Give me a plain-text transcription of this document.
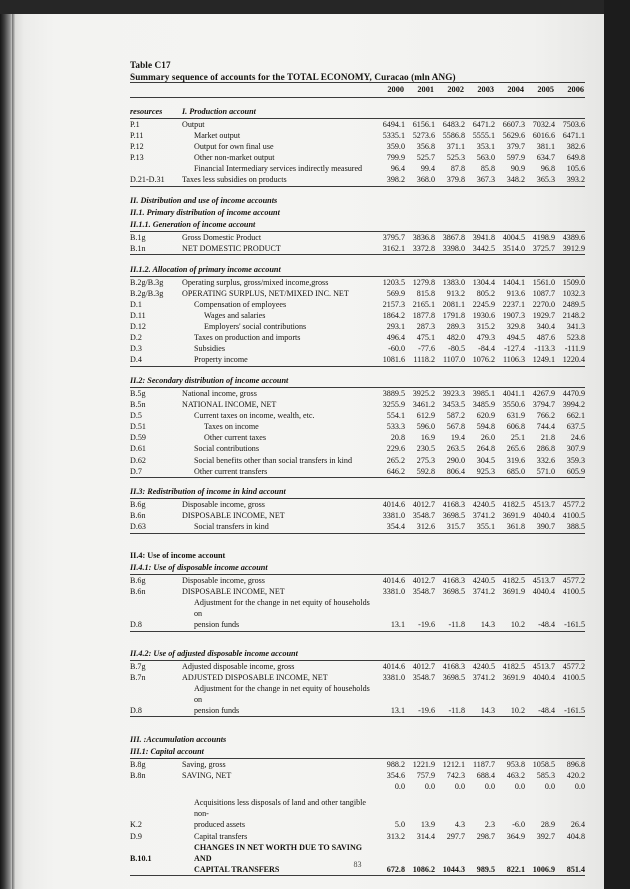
Table C17
Summary sequence of accounts for the TOTAL ECONOMY, Curacao (mln ANG)
		2000	2001	2002	2003	2004	2005	2006

resources	I. Production account							
P.1	Output	6494.1	6156.1	6483.2	6471.2	6607.3	7032.4	7503.6
P.11	Market output	5335.1	5273.6	5586.8	5555.1	5629.6	6016.6	6471.1
P.12	Output for own final use	359.0	356.8	371.1	353.1	379.7	381.1	382.6
P.13	Other non-market output	799.9	525.7	525.3	563.0	597.9	634.7	649.8
	Financial Intermediary services indirectly measured	96.4	99.4	87.8	85.8	90.9	96.8	105.6
D.21-D.31	Taxes less subsidies on products	398.2	368.0	379.8	367.3	348.2	365.3	393.2

II. Distribution and use of income accounts								
II.1. Primary distribution of income account								
II.1.1. Generation of income account								
B.1g	Gross Domestic Product	3795.7	3836.8	3867.8	3941.8	4004.5	4198.9	4389.6
B.1n	NET DOMESTIC PRODUCT	3162.1	3372.8	3398.0	3442.5	3514.0	3725.7	3912.9

II.1.2. Allocation of primary income account								
B.2g/B.3g	Operating surplus, gross/mixed income,gross	1203.5	1279.8	1383.0	1304.4	1404.1	1561.0	1509.0
B.2g/B.3g	OPERATING SURPLUS, NET/MIXED INC. NET	569.9	815.8	913.2	805.2	913.6	1087.7	1032.3
D.1	Compensation of employees	2157.3	2165.1	2081.1	2245.9	2237.1	2270.0	2489.5
D.11	Wages and salaries	1864.2	1877.8	1791.8	1930.6	1907.3	1929.7	2148.2
D.12	Employers' social contributions	293.1	287.3	289.3	315.2	329.8	340.4	341.3
D.2	Taxes on production and imports	496.4	475.1	482.0	479.3	494.5	487.6	523.8
D.3	Subsidies	-60.0	-77.6	-80.5	-84.4	-127.4	-113.3	-111.9
D.4	Property income	1081.6	1118.2	1107.0	1076.2	1106.3	1249.1	1220.4

II.2: Secondary distribution of income account								
B.5g	National income, gross	3889.5	3925.2	3923.3	3985.1	4041.1	4267.9	4470.9
B.5n	NATIONAL INCOME, NET	3255.9	3461.2	3453.5	3485.9	3550.6	3794.7	3994.2
D.5	Current taxes on income, wealth, etc.	554.1	612.9	587.2	620.9	631.9	766.2	662.1
D.51	Taxes on income	533.3	596.0	567.8	594.8	606.8	744.4	637.5
D.59	Other current taxes	20.8	16.9	19.4	26.0	25.1	21.8	24.6
D.61	Social contributions	229.6	230.5	263.5	264.8	265.6	286.8	307.9
D.62	Social benefits other than social transfers in kind	265.2	275.3	290.0	304.5	319.6	332.6	359.3
D.7	Other current transfers	646.2	592.8	806.4	925.3	685.0	571.0	605.9

II.3: Redistribution of income in kind account								
B.6g	Disposable income, gross	4014.6	4012.7	4168.3	4240.5	4182.5	4513.7	4577.2
B.6n	DISPOSABLE INCOME, NET	3381.0	3548.7	3698.5	3741.2	3691.9	4040.4	4100.5
D.63	Social transfers in kind	354.4	312.6	315.7	355.1	361.8	390.7	388.5

II.4: Use of income account								
II.4.1: Use of disposable income account								
B.6g	Disposable income, gross	4014.6	4012.7	4168.3	4240.5	4182.5	4513.7	4577.2
B.6n	DISPOSABLE INCOME, NET	3381.0	3548.7	3698.5	3741.2	3691.9	4040.4	4100.5
	Adjustment for the change in net equity of households on							
D.8	pension funds	13.1	-19.6	-11.8	14.3	10.2	-48.4	-161.5

II.4.2: Use of adjusted disposable income account								
B.7g	Adjusted disposable income, gross	4014.6	4012.7	4168.3	4240.5	4182.5	4513.7	4577.2
B.7n	ADJUSTED DISPOSABLE INCOME, NET	3381.0	3548.7	3698.5	3741.2	3691.9	4040.4	4100.5
	Adjustment for the change in net equity of households on							
D.8	pension funds	13.1	-19.6	-11.8	14.3	10.2	-48.4	-161.5

III. :Accumulation accounts								
III.1: Capital account								
B.8g	Saving, gross	988.2	1221.9	1212.1	1187.7	953.8	1058.5	896.8
B.8n	SAVING, NET	354.6	757.9	742.3	688.4	463.2	585.3	420.2
		0.0	0.0	0.0	0.0	0.0	0.0	0.0

	Acquisitions less disposals of land and other tangible non-							
K.2	produced assets	5.0	13.9	4.3	2.3	-6.0	28.9	26.4
D.9	Capital transfers	313.2	314.4	297.7	298.7	364.9	392.7	404.8
B.10.1	CHANGES IN NET WORTH DUE TO SAVING AND							
	CAPITAL TRANSFERS	672.8	1086.2	1044.3	989.5	822.1	1006.9	851.4
83
